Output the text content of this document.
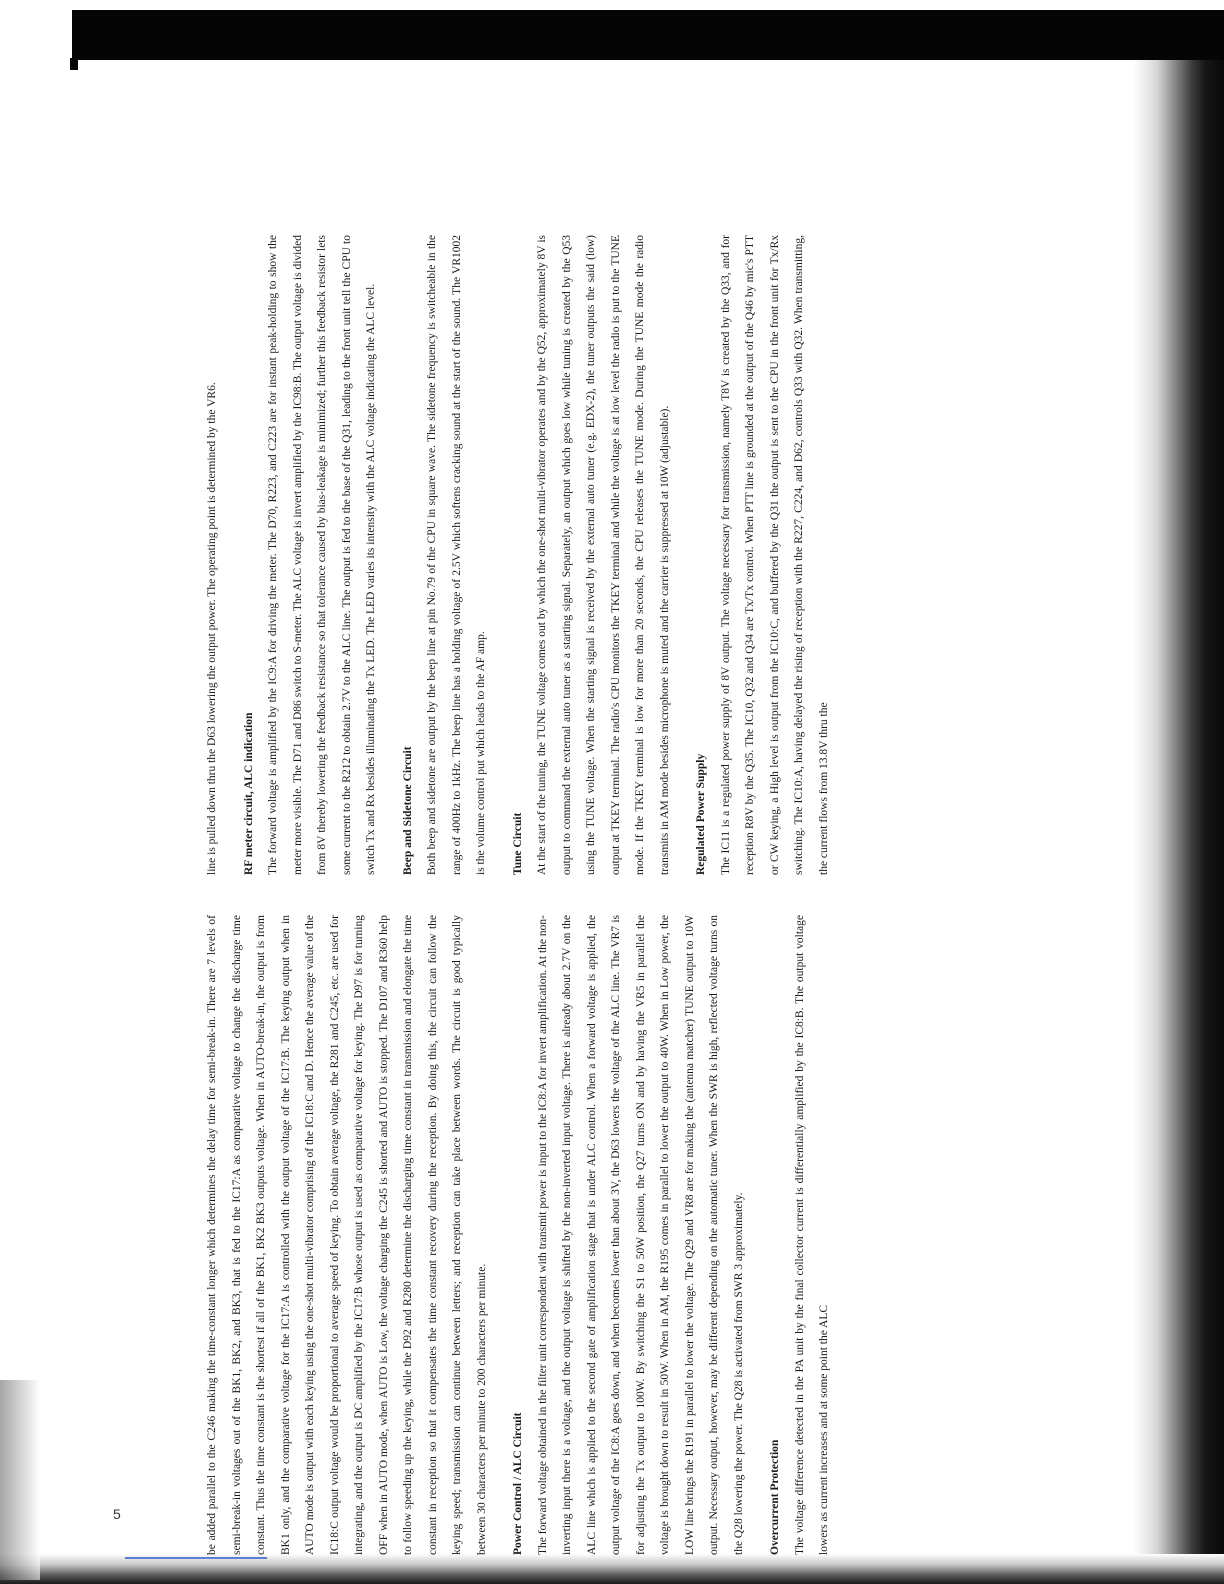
5	be added parallel to the C246 making the time-constant longer which determines the delay time for semi-break-in. There are 7 levels of semi-break-in voltages out of the BK1, BK2, and BK3, that is fed to the IC17:A as comparative voltage to change the discharge time constant. Thus the time constant is the shortest if all of the BK1, BK2 BK3 outputs voltage. When in AUTO-break-in, the output is from BK1 only, and the comparative voltage for the IC17:A is controlled with the output voltage of the IC17:B. The keying output when in AUTO mode is output with each keying using the one-shot multi-vibrator comprising of the IC18:C and D. Hence the average value of the IC18:C output voltage would be proportional to average speed of keying. To obtain average voltage, the R281 and C245, etc. are used for integrating, and the output is DC amplified by the IC17:B whose output is used as comparative voltage for keying. The D97 is for turning OFF when in AUTO mode, when AUTO is Low, the voltage charging the C245 is shorted and AUTO is stopped. The D107 and R360 help to follow speeding up the keying, while the D92 and R280 determine the discharging time constant in transmission and elongate the time constant in reception so that it compensates the time constant recovery during the reception. By doing this, the circuit can follow the keying speed; transmission can continue between letters; and reception can take place between words. The circuit is good typically between 30 characters per minute to 200 characters per minute.	Power Control / ALC Circuit	The forward voltage obtained in the filter unit correspondent with transmit power is input to the IC8:A for invert amplification. At the non-inverting input there is a voltage, and the output voltage is shifted by the non-inverted input voltage. There is already about 2.7V on the ALC line which is applied to the second gate of amplification stage that is under ALC control. When a forward voltage is applied, the output voltage of the IC8:A goes down, and when becomes lower than about 3V, the D63 lowers the voltage of the ALC line. The VR7 is for adjusting the Tx output to 100W. By switching the S1 to 50W position, the Q27 turns ON and by having the VR5 in parallel the voltage is brought down to result in 50W. When in AM, the R195 comes in parallel to lower the output to 40W. When in Low power, the LOW line brings the R191 in parallel to lower the voltage. The Q29 and VR8 are for making the (antenna matcher) TUNE output to 10W output. Necessary output, however, may be different depending on the automatic tuner. When the SWR is high, reflected voltage turns on the Q28 lowering the power. The Q28 is activated from SWR 3 approximately.	Overcurrent Protection	The voltage difference detected in the PA unit by the final collector current is differentially amplified by the IC8:B. The output voltage lowers as current increases and at some point the ALC

line is pulled down thru the D63 lowering the output power. The operating point is determined by the VR6.	RF meter circuit, ALC indication	The forward voltage is amplified by the IC9:A for driving the meter. The D70, R223, and C223 are for instant peak-holding to show the meter more visible. The D71 and D86 switch to S-meter. The ALC voltage is invert amplified by the IC98:B. The output voltage is divided from 8V thereby lowering the feedback resistance so that tolerance caused by bias-leakage is minimized; further this feedback resistor lets some current to the R212 to obtain 2.7V to the ALC line. The output is fed to the base of the Q31, leading to the front unit tell the CPU to switch Tx and Rx besides illuminating the Tx LED. The LED varies its intensity with the ALC voltage indicating the ALC level.	Beep and Sidetone Circuit	Both beep and sidetone are output by the beep line at pin No.79 of the CPU in square wave. The sidetone frequency is switcheable in the range of 400Hz to 1kHz. The beep line has a holding voltage of 2.5V which softens cracking sound at the start of the sound. The VR1002 is the volume control put which leads to the AF amp.	Tune Circuit	At the start of the tuning, the TUNE voltage comes out by which the one-shot multi-vibrator operates and by the Q52, approximately 8V is output to command the external auto tuner as a starting signal. Separately, an output which goes low while tuning is created by the Q53 using the TUNE voltage. When the starting signal is received by the external auto tuner (e.g. EDX-2), the tuner outputs the said (low) output at TKEY terminal. The radio's CPU monitors the TKEY terminal and while the voltage is at low level the radio is put to the TUNE mode. If the TKEY terminal is low for more than 20 seconds, the CPU releases the TUNE mode. During the TUNE mode the radio transmits in AM mode besides microphone is muted and the carrier is suppressed at 10W (adjustable).	Regulated Power Supply	The IC11 is a regulated power supply of 8V output. The voltage necessary for transmission, namely T8V is created by the Q33, and for reception R8V by the Q35. The IC10, Q32 and Q34 are Tx/Tx control. When PTT line is grounded at the output of the Q46 by mic's PTT or CW keying, a High level is output from the IC10:C, and buffered by the Q31 the output is sent to the CPU in the front unit for Tx/Rx switching. The IC10:A, having delayed the rising of reception with the R227, C224, and D62, controls Q33 with Q32. When transmitting, the current flows from 13.8V thru the
